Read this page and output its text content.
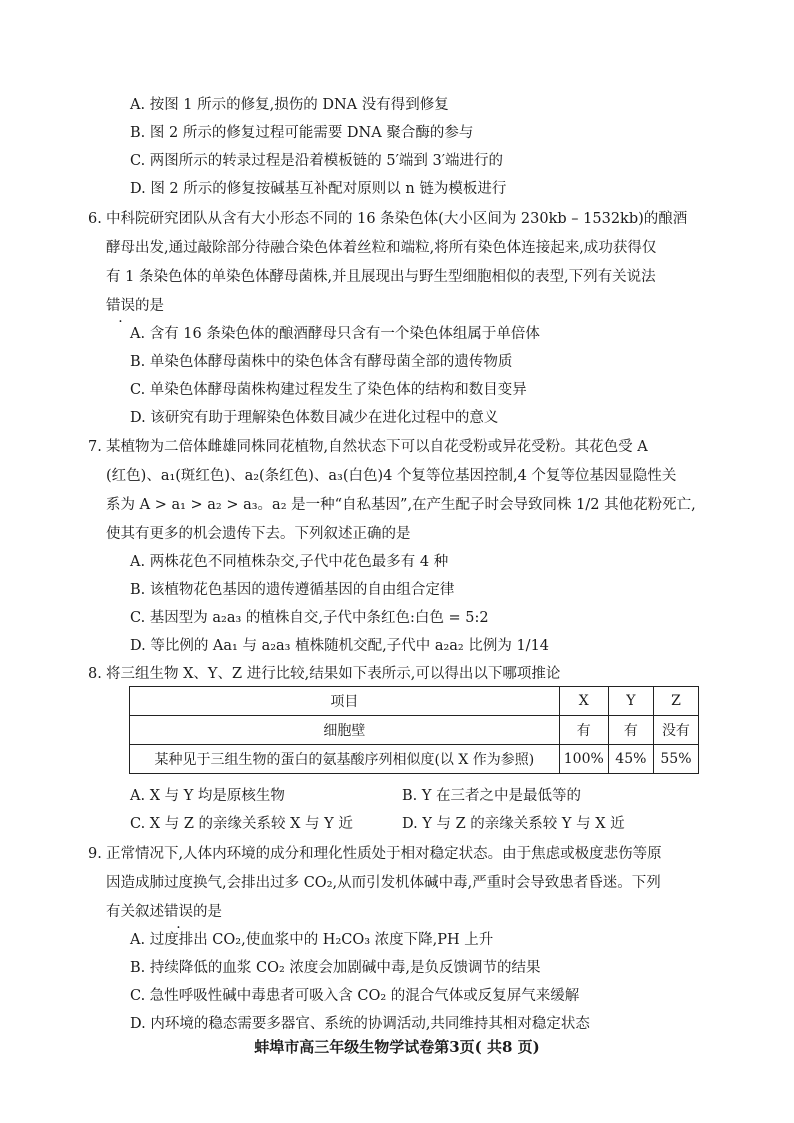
A. 按图 1 所示的修复,损伤的 DNA 没有得到修复
B. 图 2 所示的修复过程可能需要 DNA 聚合酶的参与
C. 两图所示的转录过程是沿着模板链的 5′端到 3′端进行的
D. 图 2 所示的修复按碱基互补配对原则以 n 链为模板进行
6. 中科院研究团队从含有大小形态不同的 16 条染色体(大小区间为 230kb – 1532kb)的酿酒
酵母出发,通过敲除部分待融合染色体着丝粒和端粒,将所有染色体连接起来,成功获得仅
有 1 条染色体的单染色体酵母菌株,并且展现出与野生型细胞相似的表型,下列有关说法
错误的是
A. 含有 16 条染色体的酿酒酵母只含有一个染色体组属于单倍体
B. 单染色体酵母菌株中的染色体含有酵母菌全部的遗传物质
C. 单染色体酵母菌株构建过程发生了染色体的结构和数目变异
D. 该研究有助于理解染色体数目减少在进化过程中的意义
7. 某植物为二倍体雌雄同株同花植物,自然状态下可以自花受粉或异花受粉。其花色受 A
(红色)、a₁(斑红色)、a₂(条红色)、a₃(白色)4 个复等位基因控制,4 个复等位基因显隐性关
系为 A > a₁ > a₂ > a₃。a₂ 是一种“自私基因”,在产生配子时会导致同株 1/2 其他花粉死亡,
使其有更多的机会遗传下去。下列叙述正确的是
A. 两株花色不同植株杂交,子代中花色最多有 4 种
B. 该植物花色基因的遗传遵循基因的自由组合定律
C. 基因型为 a₂a₃ 的植株自交,子代中条红色:白色 = 5:2
D. 等比例的 Aa₁ 与 a₂a₃ 植株随机交配,子代中 a₂a₂ 比例为 1/14
8. 将三组生物 X、Y、Z 进行比较,结果如下表所示,可以得出以下哪项推论
项目	X	Y	Z
细胞壁	有	有	没有
某种见于三组生物的蛋白的氨基酸序列相似度(以 X 作为参照)	100%	45%	55%
A. X 与 Y 均是原核生物	B. Y 在三者之中是最低等的
C. X 与 Z 的亲缘关系较 X 与 Y 近	D. Y 与 Z 的亲缘关系较 Y 与 X 近
9. 正常情况下,人体内环境的成分和理化性质处于相对稳定状态。由于焦虑或极度悲伤等原
因造成肺过度换气,会排出过多 CO₂,从而引发机体碱中毒,严重时会导致患者昏迷。下列
有关叙述错误的是
A. 过度排出 CO₂,使血浆中的 H₂CO₃ 浓度下降,PH 上升
B. 持续降低的血浆 CO₂ 浓度会加剧碱中毒,是负反馈调节的结果
C. 急性呼吸性碱中毒患者可吸入含 CO₂ 的混合气体或反复屏气来缓解
D. 内环境的稳态需要多器官、系统的协调活动,共同维持其相对稳定状态
蚌埠市高三年级生物学试卷第3页( 共8 页)
